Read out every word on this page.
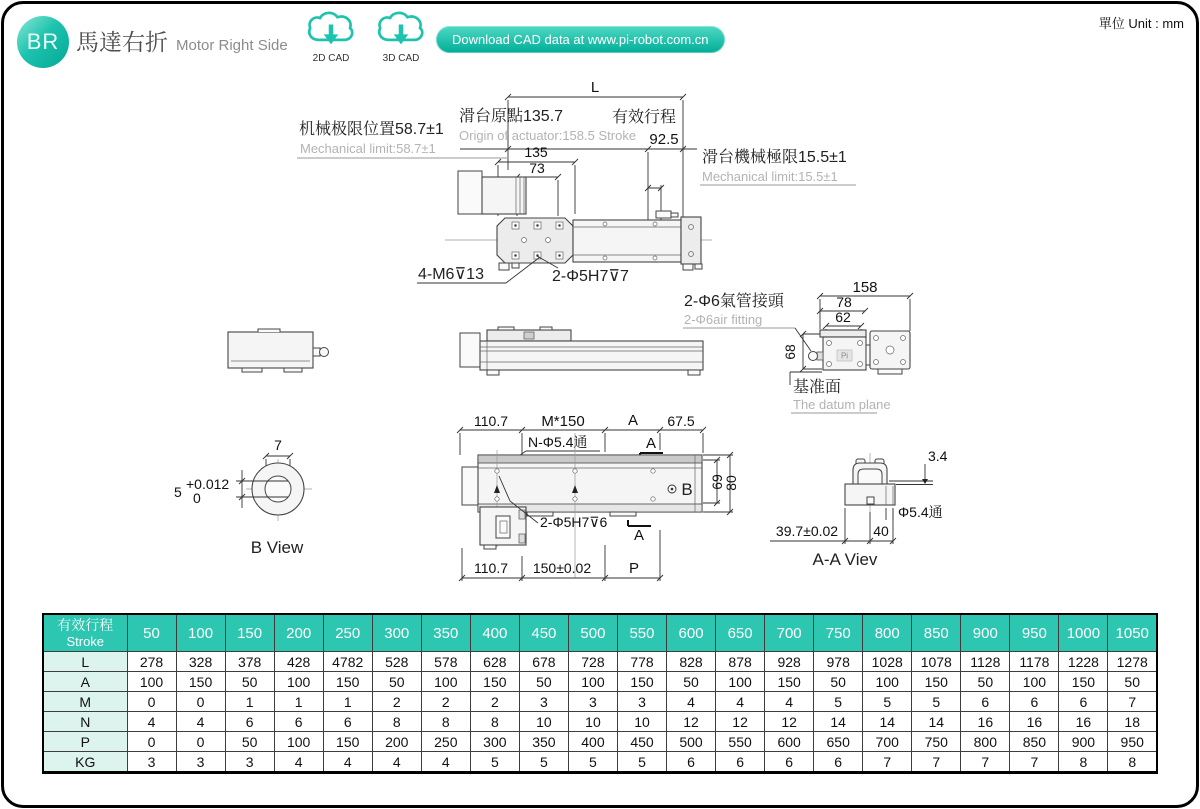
BR 馬達右折 Motor Right Side
2D CAD	3D CAD
Download CAD data at www.pi-robot.com.cn
單位 Unit : mm
L
滑台原點135.7
Origin of actuator:158.5 Stroke
有效行程
92.5
机械极限位置58.7±1
Mechanical limit:58.7±1	135
73
滑台機械極限15.5±1
Mechanical limit:15.5±1
4-M6⊽13	2-Φ5H7⊽7
158
78
62
68	Pi
2-Φ6氣管接頭
2-Φ6air fitting
基准面
The datum plane
7
5 +0.012
0
B View
110.7 M*150	A 67.5
N-Φ5.4通	A
A
B 69
80
2-Φ5H7⊽6
110.7 150±0.02	P
3.4
Φ5.4通
39.7±0.02	40
A-A Viev
有效行程
Stroke	50	100	150	200	250	300	350	400	450	500	550	600	650	700	750	800	850	900	950	1000	1050
L	278	328	378	428	4782	528	578	628	678	728	778	828	878	928	978	1028	1078	1128	1178	1228	1278
A	100	150	50	100	150	50	100	150	50	100	150	50	100	150	50	100	150	50	100	150	50
M	0	0	1	1	1	2	2	2	3	3	3	4	4	4	5	5	5	6	6	6	7
N	4	4	6	6	6	8	8	8	10	10	10	12	12	12	14	14	14	16	16	16	18
P	0	0	50	100	150	200	250	300	350	400	450	500	550	600	650	700	750	800	850	900	950
KG	3	3	3	4	4	4	4	5	5	5	5	6	6	6	6	7	7	7	7	8	8
